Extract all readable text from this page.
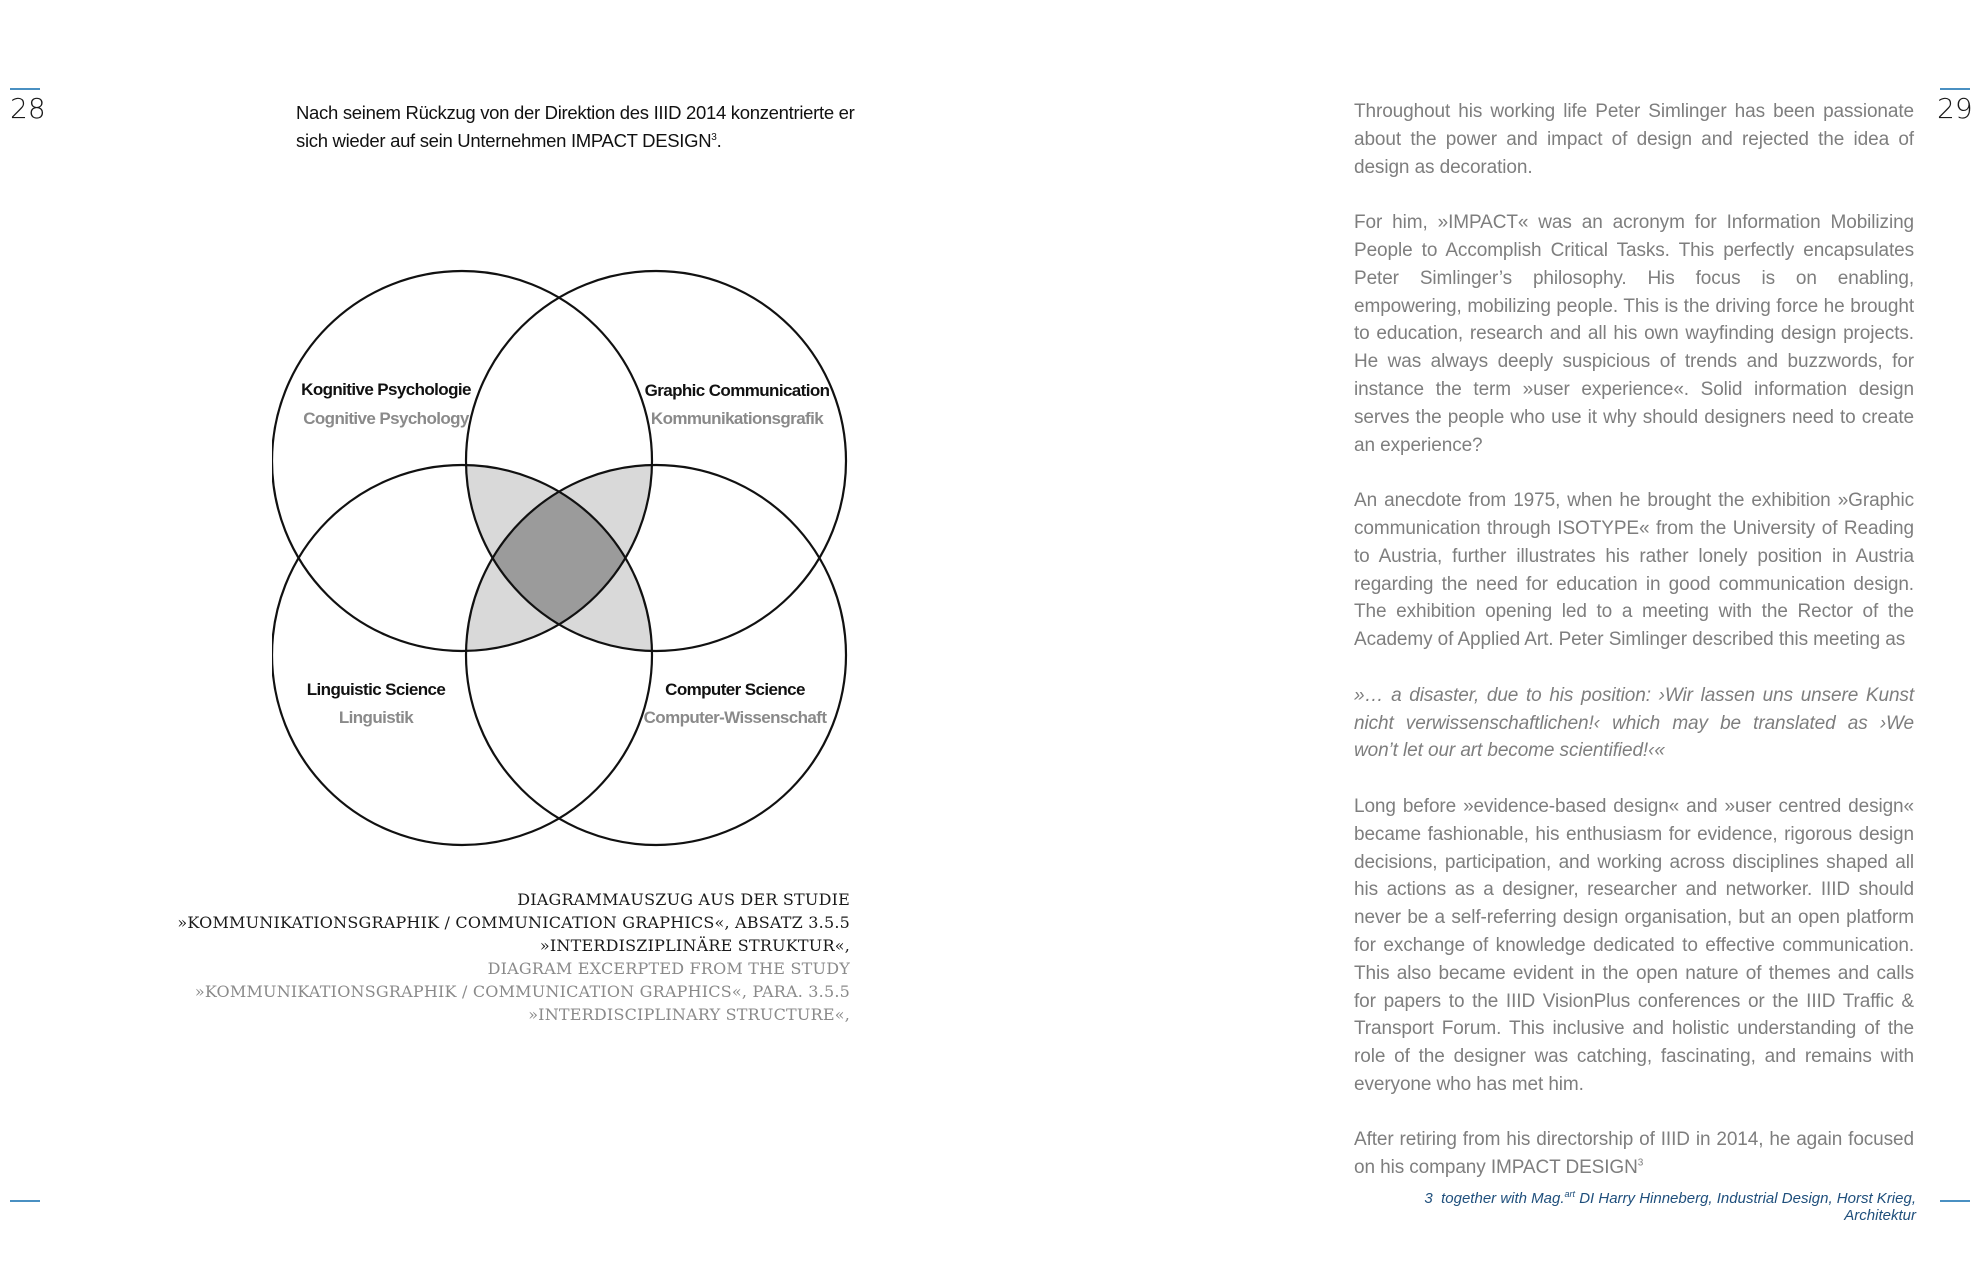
28	29
Nach seinem Rückzug von der Direktion des IIID 2014 konzentrierte er sich wieder auf sein Unternehmen IMPACT DESIGN$^3$.
Kognitive Psychologie
Cognitive Psychology
Graphic Communication
Kommunikationsgrafik
Linguistic Science
Linguistik
Computer Science
Computer-Wissenschaft
DIAGRAMMAUSZUG AUS DER STUDIE
»KOMMUNIKATIONSGRAPHIK / COMMUNICATION GRAPHICS«, ABSATZ 3.5.5
»INTERDISZIPLINÄRE STRUKTUR«,
DIAGRAM EXCERPTED FROM THE STUDY
»KOMMUNIKATIONSGRAPHIK / COMMUNICATION GRAPHICS«, PARA. 3.5.5
»INTERDISCIPLINARY STRUCTURE«,

Throughout his working life Peter Simlinger has been passionate about the power and impact of design and rejected the idea of design as decoration.

For him, »IMPACT« was an acronym for Information Mobilizing People to Accomplish Critical Tasks. This perfectly encapsulates Peter Simlinger’s philosophy. His focus is on enabling, empowering, mobilizing people. This is the driving force he brought to education, research and all his own wayfinding design projects. He was always deeply suspicious of trends and buzzwords, for instance the term »user experience«. Solid information design serves the people who use it why should designers need to create an experience?

An anecdote from 1975, when he brought the exhibition »Graphic communication through ISOTYPE« from the University of Reading to Austria, further illustrates his rather lonely position in Austria regarding the need for education in good communication design. The exhibition opening led to a meeting with the Rector of the Academy of Applied Art. Peter Simlinger described this meeting as

»… a disaster, due to his position: ›Wir lassen uns unsere Kunst nicht verwissenschaftlichen!‹ which may be translated as ›We won’t let our art become scientified!‹«

Long before »evidence-based design« and »user centred design« became fashionable, his enthusiasm for evidence, rigorous design decisions, participation, and working across disciplines shaped all his actions as a designer, researcher and networker. IIID should never be a self-referring design organisation, but an open platform for exchange of knowledge dedicated to effective communication. This also became evident in the open nature of themes and calls for papers to the IIID VisionPlus conferences or the IIID Traffic & Transport Forum. This inclusive and holistic understanding of the role of the designer was catching, fascinating, and remains with everyone who has met him.

After retiring from his directorship of IIID in 2014, he again focused on his company IMPACT DESIGN$^3$

3 together with Mag.$^{art}$ DI Harry Hinneberg, Industrial Design, Horst Krieg, Architektur
